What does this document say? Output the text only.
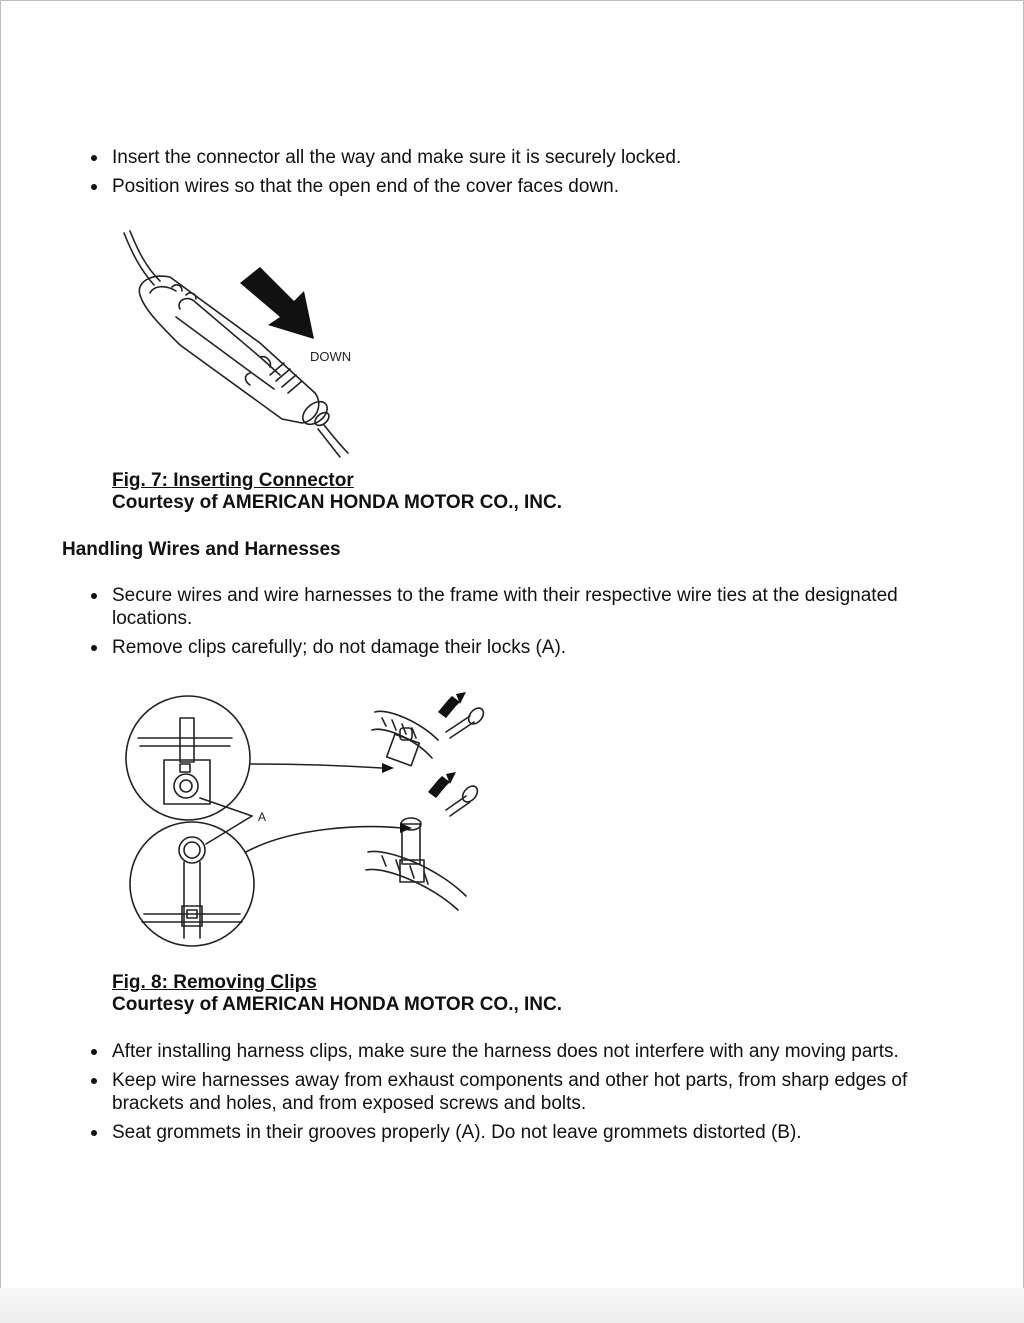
Insert the connector all the way and make sure it is securely locked.
Position wires so that the open end of the cover faces down.
DOWN
Fig. 7: Inserting Connector
Courtesy of AMERICAN HONDA MOTOR CO., INC.
Handling Wires and Harnesses
Secure wires and wire harnesses to the frame with their respective wire ties at the designated locations.
Remove clips carefully; do not damage their locks (A).
A
Fig. 8: Removing Clips
Courtesy of AMERICAN HONDA MOTOR CO., INC.
After installing harness clips, make sure the harness does not interfere with any moving parts.
Keep wire harnesses away from exhaust components and other hot parts, from sharp edges of brackets and holes, and from exposed screws and bolts.
Seat grommets in their grooves properly (A). Do not leave grommets distorted (B).
